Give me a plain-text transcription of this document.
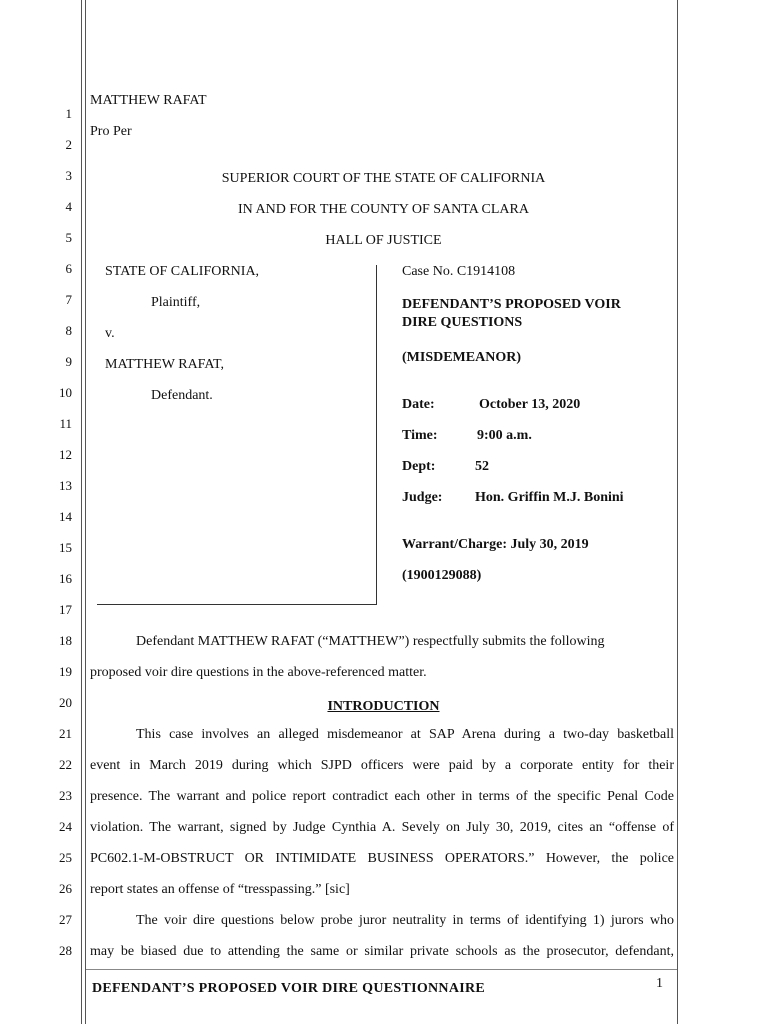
1
2
3
4
5
6
7
8
9
10
11
12
13
14
15
16
17
18
19
20
21
22
23
24
25
26
27
28
MATTHEW RAFAT
Pro Per
SUPERIOR COURT OF THE STATE OF CALIFORNIA
IN AND FOR THE COUNTY OF SANTA CLARA
HALL OF JUSTICE
STATE OF CALIFORNIA,
Plaintiff,
v.
MATTHEW RAFAT,
Defendant.
Case No. C1914108
DEFENDANT’S PROPOSED VOIR
DIRE QUESTIONS
(MISDEMEANOR)
Date:	October 13, 2020
Time:	9:00 a.m.
Dept:	52
Judge: Hon. Griffin M.J. Bonini
Warrant/Charge: July 30, 2019
(1900129088)
Defendant MATTHEW RAFAT (“MATTHEW”) respectfully submits the following
proposed voir dire questions in the above-referenced matter.
INTRODUCTION
This case involves an alleged misdemeanor at SAP Arena during a two-day basketball
event in March 2019 during which SJPD officers were paid by a corporate entity for their
presence. The warrant and police report contradict each other in terms of the specific Penal Code
violation. The warrant, signed by Judge Cynthia A. Sevely on July 30, 2019, cites an “offense of
PC602.1-M-OBSTRUCT OR INTIMIDATE BUSINESS OPERATORS.” However, the police
report states an offense of “tresspassing.” [sic]
The voir dire questions below probe juror neutrality in terms of identifying 1) jurors who
may be biased due to attending the same or similar private schools as the prosecutor, defendant,
DEFENDANT’S PROPOSED VOIR DIRE QUESTIONNAIRE	1
